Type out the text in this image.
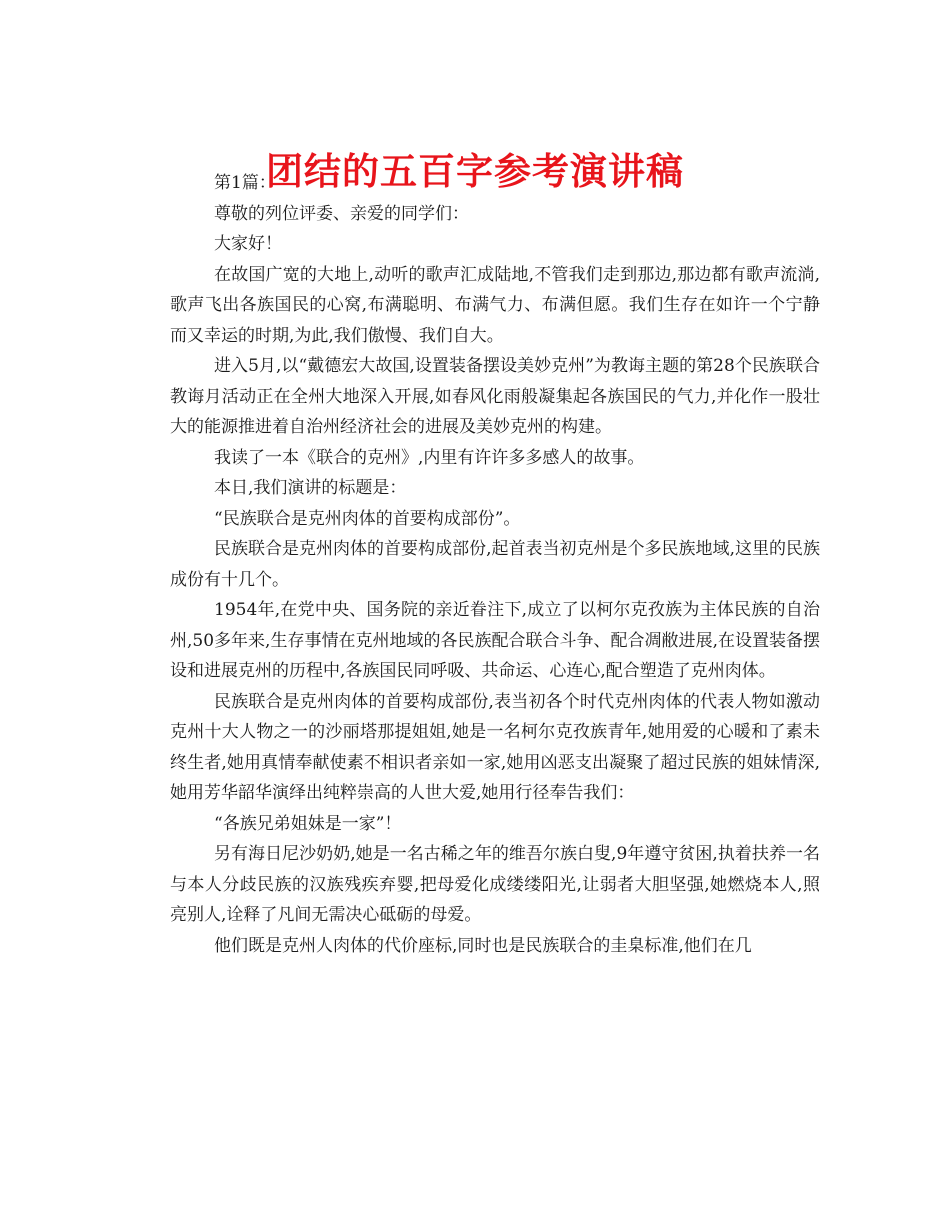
团结的五百字参考演讲稿

第1篇：

尊敬的列位评委、亲爱的同学们：

大家好！

在故国广宽的大地上,动听的歌声汇成陆地,不管我们走到那边,那边都有歌声流淌,歌声飞出各族国民的心窝,布满聪明、布满气力、布满但愿。我们生存在如许一个宁静而又幸运的时期,为此,我们傲慢、我们自大。

进入5月,以“戴德宏大故国,设置装备摆设美妙克州”为教诲主题的第28个民族联合教诲月活动正在全州大地深入开展,如春风化雨般凝集起各族国民的气力,并化作一股壮大的能源推进着自治州经济社会的进展及美妙克州的构建。

我读了一本《联合的克州》,内里有许许多多感人的故事。

本日,我们演讲的标题是：

“民族联合是克州肉体的首要构成部份”。

民族联合是克州肉体的首要构成部份,起首表当初克州是个多民族地域,这里的民族成份有十几个。

1954年,在党中央、国务院的亲近眷注下,成立了以柯尔克孜族为主体民族的自治州,50多年来,生存事情在克州地域的各民族配合联合斗争、配合凋敝进展,在设置装备摆设和进展克州的历程中,各族国民同呼吸、共命运、心连心,配合塑造了克州肉体。

民族联合是克州肉体的首要构成部份,表当初各个时代克州肉体的代表人物如激动克州十大人物之一的沙丽塔那提姐姐,她是一名柯尔克孜族青年,她用爱的心暖和了素未终生者,她用真情奉献使素不相识者亲如一家,她用凶恶支出凝聚了超过民族的姐妹情深,她用芳华韶华演绎出纯粹崇高的人世大爱,她用行径奉告我们：

“各族兄弟姐妹是一家”！

另有海日尼沙奶奶,她是一名古稀之年的维吾尔族白叟,9年遵守贫困,执着扶养一名与本人分歧民族的汉族残疾弃婴,把母爱化成缕缕阳光,让弱者大胆坚强,她燃烧本人,照亮别人,诠释了凡间无需决心砥砺的母爱。

他们既是克州人肉体的代价座标,同时也是民族联合的圭臬标准,他们在几
